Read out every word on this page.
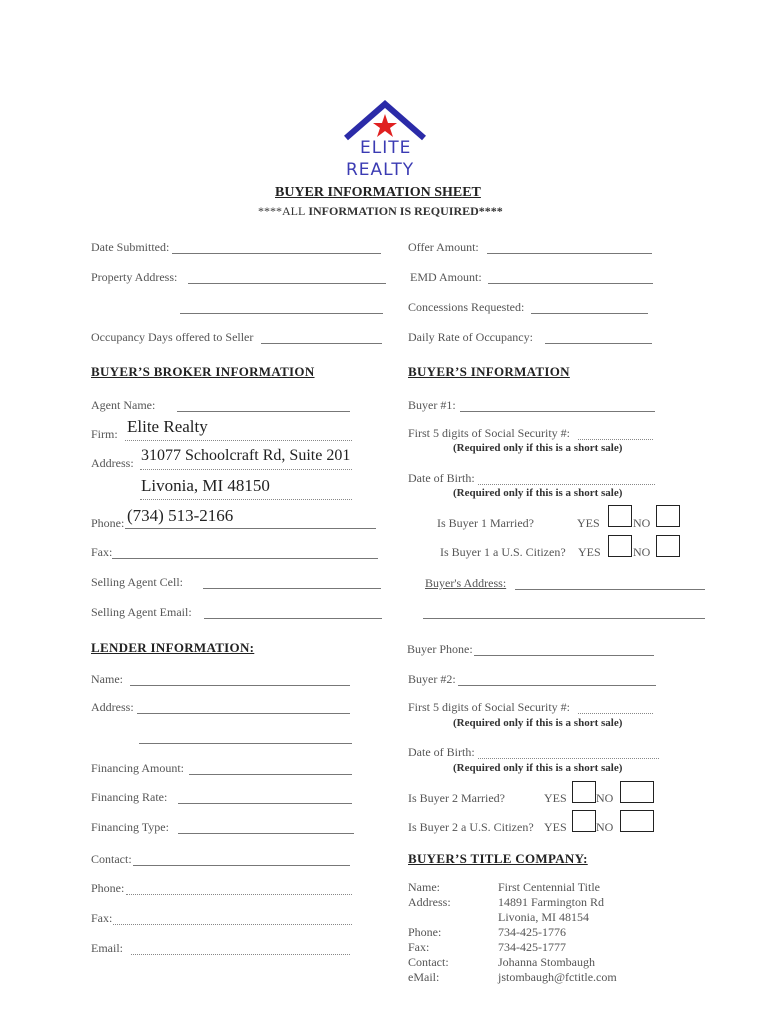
ELITE
REALTY
BUYER INFORMATION SHEET
****ALL INFORMATION IS REQUIRED****
Date Submitted:
Property Address:
Occupancy Days offered to Seller
Offer Amount:
EMD Amount:
Concessions Requested:
Daily Rate of Occupancy:
BUYER’S BROKER INFORMATION
Agent Name:
Firm: Elite Realty
Address: 31077 Schoolcraft Rd, Suite 201
Livonia, MI 48150
Phone: (734) 513-2166
Fax:
Selling Agent Cell:
Selling Agent Email:
LENDER INFORMATION:
Name:
Address:
Financing Amount:
Financing Rate:
Financing Type:
Contact:
Phone:
Fax:
Email:
BUYER’S INFORMATION
Buyer #1:
First 5 digits of Social Security #:
(Required only if this is a short sale)
Date of Birth:
(Required only if this is a short sale)
Is Buyer 1 Married?	YES	NO
Is Buyer 1 a U.S. Citizen? YES	NO
Buyer's Address:
Buyer Phone:
Buyer #2:
First 5 digits of Social Security #:
(Required only if this is a short sale)
Date of Birth:
(Required only if this is a short sale)
Is Buyer 2 Married?	YES NO
Is Buyer 2 a U.S. Citizen? YES NO
BUYER’S TITLE COMPANY:
Name:	First Centennial Title
Address:	14891 Farmington Rd
Livonia, MI 48154
Phone:	734-425-1776
Fax:	734-425-1777
Contact:	Johanna Stombaugh
eMail:	jstombaugh@fctitle.com
